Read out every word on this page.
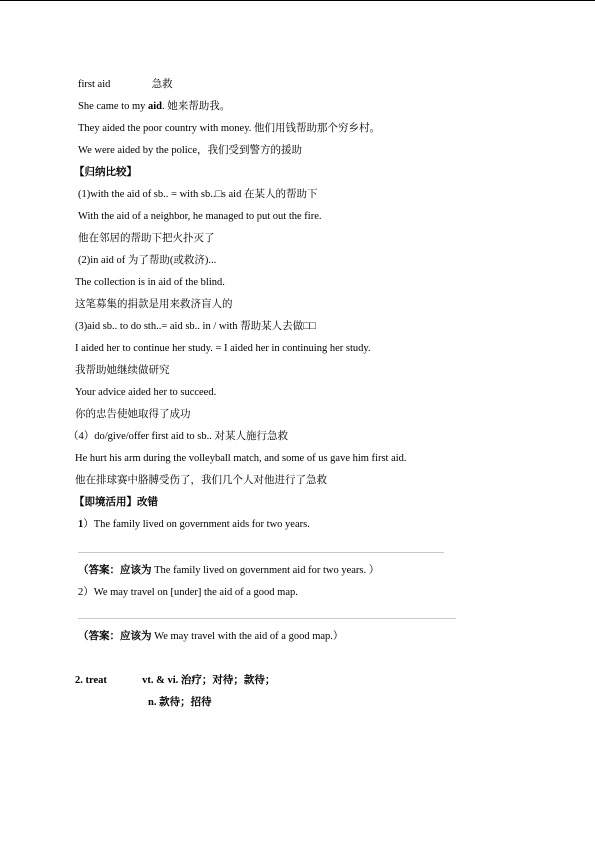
first aid	急救
She came to my aid. 她来帮助我。
They aided the poor country with money. 他们用钱帮助那个穷乡村。
We were aided by the police，我们受到警方的援助
【归纳比较】
(1)with the aid of sb.. = with sb..□s aid 在某人的帮助下
With the aid of a neighbor, he managed to put out the fire.
他在邻居的帮助下把火扑灭了
(2)in aid of 为了帮助(或救济)...
The collection is in aid of the blind.
这笔募集的捐款是用来救济盲人的
(3)aid sb.. to do sth..= aid sb.. in / with 帮助某人去做□□
I aided her to continue her study. = I aided her in continuing her study.
我帮助她继续做研究
Your advice aided her to succeed.
你的忠告使她取得了成功
（4）do/give/offer first aid to sb.. 对某人施行急救
He hurt his arm during the volleyball match, and some of us gave him first aid.
他在排球赛中胳膊受伤了，我们几个人对他进行了急救
【即境活用】改错
1）The family lived on government aids for two years.
（答案：应该为 The family lived on government aid for two years. ）
2）We may travel on [under] the aid of a good map.
（答案：应该为 We may travel with the aid of a good map.）
2. treat	vt. & vi. 治疗；对待；款待；
n. 款待；招待
